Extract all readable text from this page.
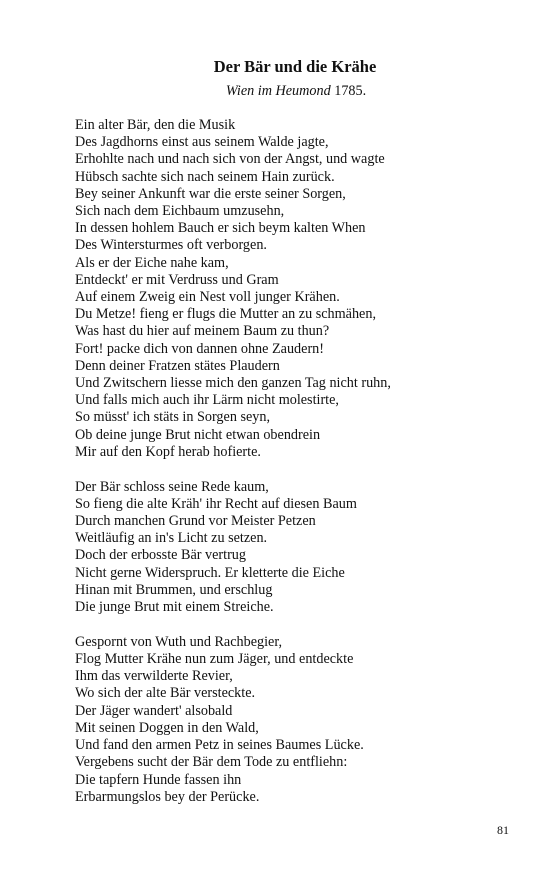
Der Bär und die Krähe

Wien im Heumond 1785.

Ein alter Bär, den die Musik
Des Jagdhorns einst aus seinem Walde jagte,
Erhohlte nach und nach sich von der Angst, und wagte
Hübsch sachte sich nach seinem Hain zurück.
Bey seiner Ankunft war die erste seiner Sorgen,
Sich nach dem Eichbaum umzusehn,
In dessen hohlem Bauch er sich beym kalten When
Des Wintersturmes oft verborgen.
Als er der Eiche nahe kam,
Entdeckt' er mit Verdruss und Gram
Auf einem Zweig ein Nest voll junger Krähen.
Du Metze! fieng er flugs die Mutter an zu schmähen,
Was hast du hier auf meinem Baum zu thun?
Fort! packe dich von dannen ohne Zaudern!
Denn deiner Fratzen stätes Plaudern
Und Zwitschern liesse mich den ganzen Tag nicht ruhn,
Und falls mich auch ihr Lärm nicht molestirte,
So müsst' ich stäts in Sorgen seyn,
Ob deine junge Brut nicht etwan obendrein
Mir auf den Kopf herab hofierte.
Der Bär schloss seine Rede kaum,
So fieng die alte Kräh' ihr Recht auf diesen Baum
Durch manchen Grund vor Meister Petzen
Weitläufig an in's Licht zu setzen.
Doch der erbosste Bär vertrug
Nicht gerne Widerspruch. Er kletterte die Eiche
Hinan mit Brummen, und erschlug
Die junge Brut mit einem Streiche.
Gespornt von Wuth und Rachbegier,
Flog Mutter Krähe nun zum Jäger, und entdeckte
Ihm das verwilderte Revier,
Wo sich der alte Bär versteckte.
Der Jäger wandert' alsobald
Mit seinen Doggen in den Wald,
Und fand den armen Petz in seines Baumes Lücke.
Vergebens sucht der Bär dem Tode zu entfliehn:
Die tapfern Hunde fassen ihn
Erbarmungslos bey der Perücke.

81
